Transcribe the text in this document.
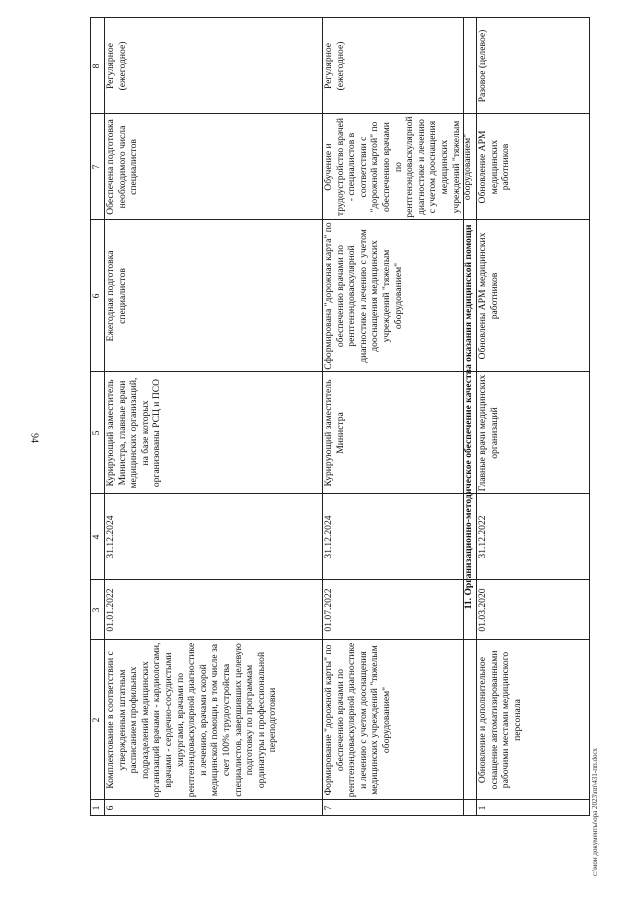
94
c:\мои документы\ора 2023\пп\431-пп.docx
1
2
3
4
5
6
7
8
6
Комплектование в соответствии с утвержденным штатным расписанием профильных подразделений медицинских организаций врачами - кардиологами, врачами - сердечно-сосудистыми хирургами, врачами по рентгенэндоваскулярной диагностике и лечению, врачами скорой медицинской помощи, в том числе за счет 100% трудоустройства специалистов, завершивших целевую подготовку по программам ординатуры и профессиональной переподготовки
01.01.2022
31.12.2024
Курирующий заместитель Министра, главные врачи медицинских организаций, на базе которых организованы РСЦ и ПСО
Ежегодная подготовка специалистов
Обеспечена подготовка необходимого числа специалистов
Регулярное (ежегодное)
7
Формирование "дорожной карты" по обеспечению врачами по рентгенэндоваскулярной диагностике и лечению с учетом дооснащения медицинских учреждений "тяжелым оборудованием"
01.07.2022
31.12.2024
Курирующий заместитель Министра
Сформирована "дорожная карта" по обеспечению врачами по рентгенэндоваскулярной диагностике и лечению с учетом дооснащения медицинских учреждений "тяжелым оборудованием"
Обучение и трудоустройство врачей - специалистов в соответствии с "дорожной картой" по обеспечению врачами по рентгенэндоваскулярной диагностике и лечению с учетом дооснащения медицинских учреждений "тяжелым оборудованием"
Регулярное (ежегодное)
11. Организационно-методическое обеспечение качества оказания медицинской помощи
1
Обновление и дополнительное оснащение автоматизированными рабочими местами медицинского персонала
01.03.2020
31.12.2022
Главные врачи медицинских организаций
Обновлены АРМ медицинских работников
Обновление АРМ медицинских работников
Разовое (целевое)
